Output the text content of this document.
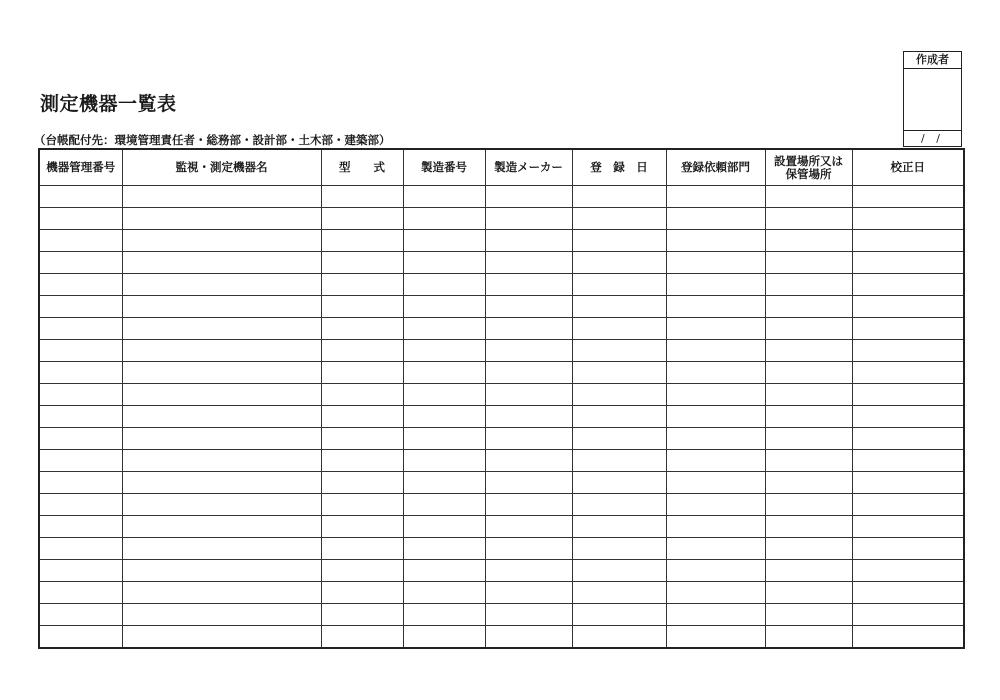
測定機器一覧表
（台帳配付先：環境管理責任者・総務部・設計部・土木部・建築部）
作成者
/ /
機器管理番号	監視・測定機器名	型　　式	製造番号	製造メーカー	登　録　日	登録依頼部門	設置場所又は
保管場所	校正日
